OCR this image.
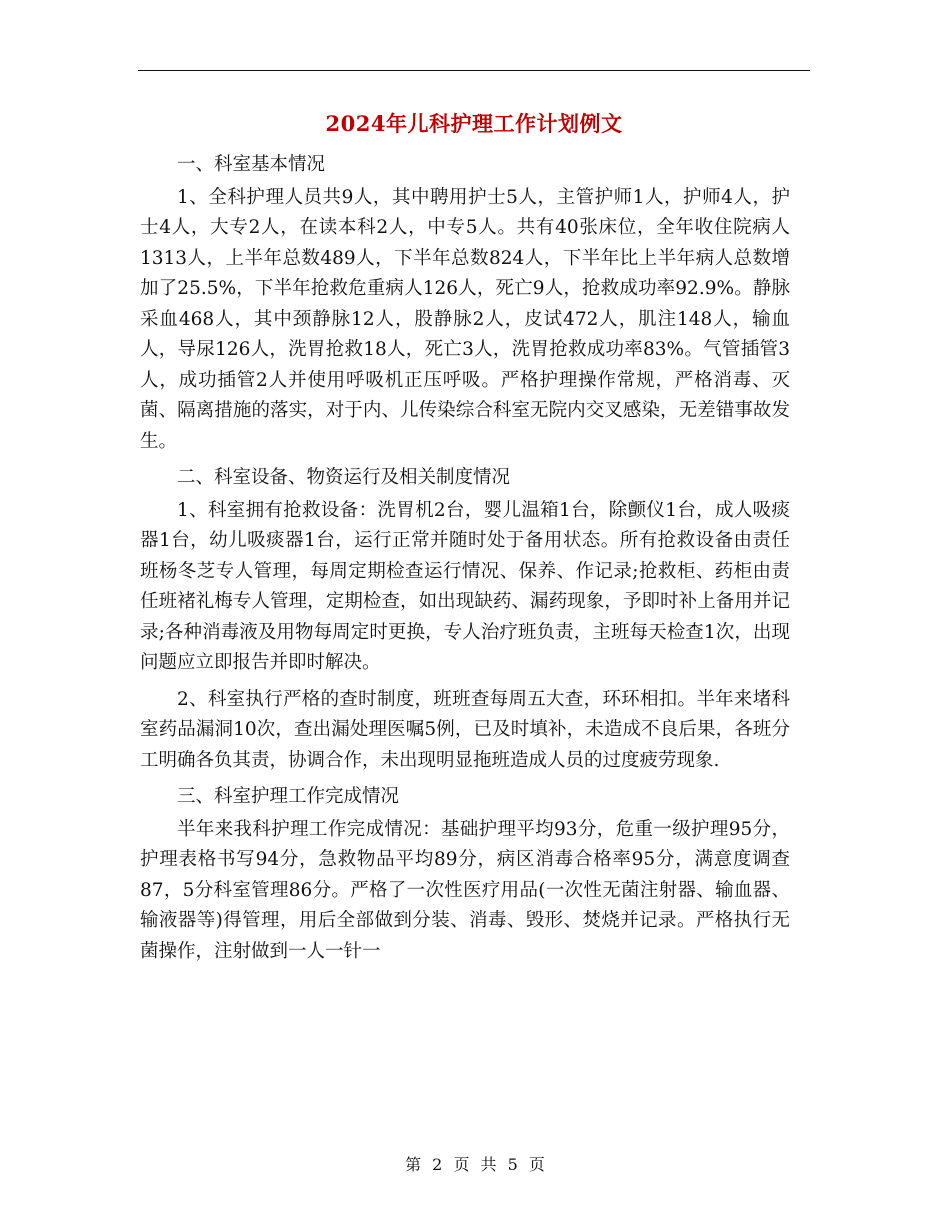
2024年儿科护理工作计划例文

一、科室基本情况

1、全科护理人员共9人，其中聘用护士5人，主管护师1人，护师4人，护士4人，大专2人，在读本科2人，中专5人。共有40张床位，全年收住院病人1313人，上半年总数489人，下半年总数824人，下半年比上半年病人总数增加了25.5%，下半年抢救危重病人126人，死亡9人，抢救成功率92.9%。静脉采血468人，其中颈静脉12人，股静脉2人，皮试472人，肌注148人，输血 人，导尿126人，洗胃抢救18人，死亡3人，洗胃抢救成功率83%。气管插管3人，成功插管2人并使用呼吸机正压呼吸。严格护理操作常规，严格消毒、灭菌、隔离措施的落实，对于内、儿传染综合科室无院内交叉感染，无差错事故发生。

二、科室设备、物资运行及相关制度情况

1、科室拥有抢救设备：洗胃机2台，婴儿温箱1台，除颤仪1台，成人吸痰器1台，幼儿吸痰器1台，运行正常并随时处于备用状态。所有抢救设备由责任班杨冬芝专人管理，每周定期检查运行情况、保养、作记录;抢救柜、药柜由责任班褚礼梅专人管理，定期检查，如出现缺药、漏药现象，予即时补上备用并记录;各种消毒液及用物每周定时更换，专人治疗班负责，主班每天检查1次，出现问题应立即报告并即时解决。

2、科室执行严格的查时制度，班班查每周五大查，环环相扣。半年来堵科室药品漏洞10次，查出漏处理医嘱5例，已及时填补，未造成不良后果，各班分工明确各负其责，协调合作，未出现明显拖班造成人员的过度疲劳现象.

三、科室护理工作完成情况

半年来我科护理工作完成情况：基础护理平均93分，危重一级护理95分，护理表格书写94分，急救物品平均89分，病区消毒合格率95分，满意度调查87，5分科室管理86分。严格了一次性医疗用品(一次性无菌注射器、输血器、输液器等)得管理，用后全部做到分装、消毒、毁形、焚烧并记录。严格执行无菌操作，注射做到一人一针一

第 2 页 共 5 页
